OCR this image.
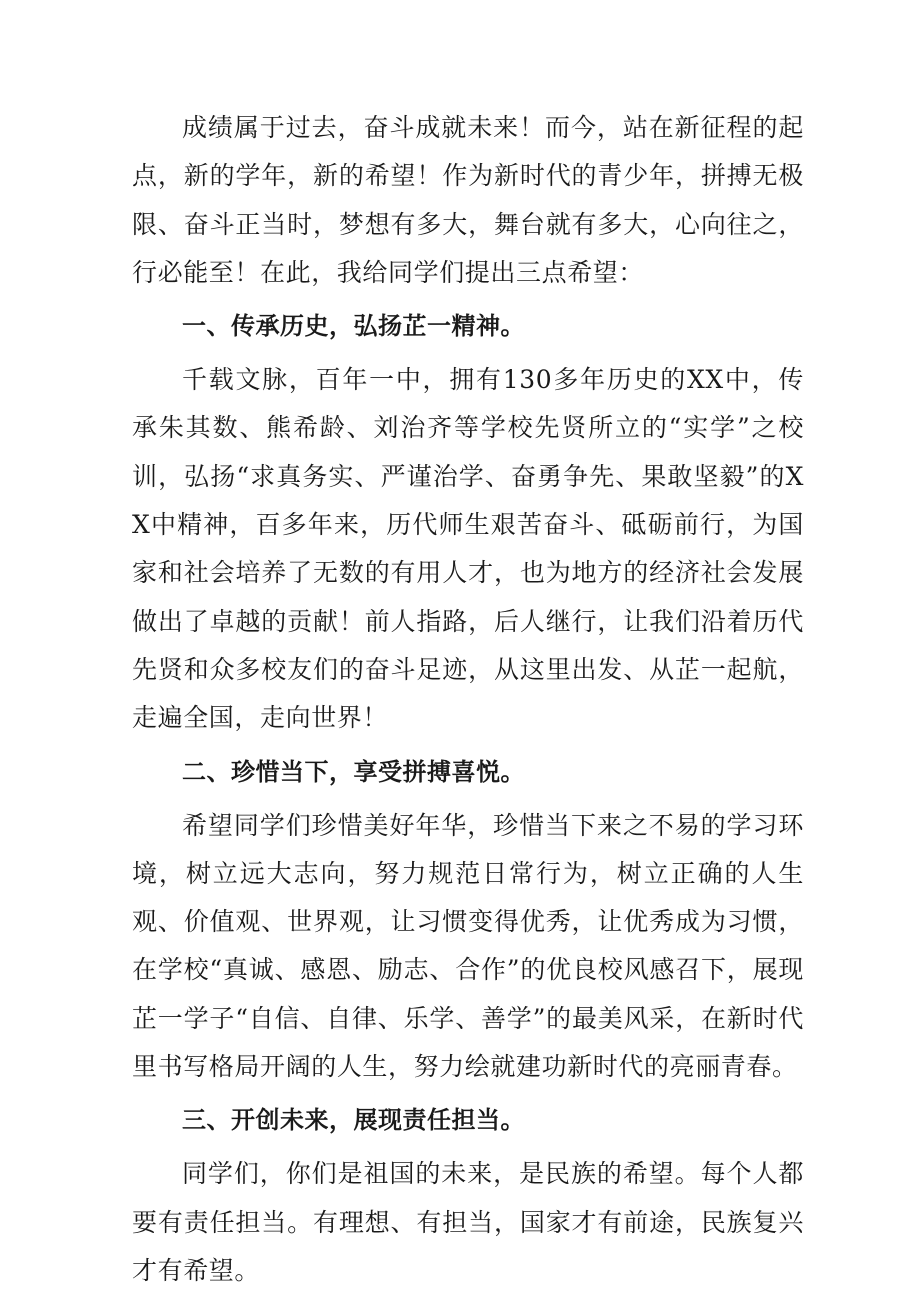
成绩属于过去，奋斗成就未来！而今，站在新征程的起点，新的学年，新的希望！作为新时代的青少年，拼搏无极限、奋斗正当时，梦想有多大，舞台就有多大，心向往之，行必能至！在此，我给同学们提出三点希望：

一、传承历史，弘扬芷一精神。

千载文脉，百年一中，拥有130多年历史的XX中，传承朱其数、熊希龄、刘治齐等学校先贤所立的“实学”之校训，弘扬“求真务实、严谨治学、奋勇争先、果敢坚毅”的XX中精神，百多年来，历代师生艰苦奋斗、砥砺前行，为国家和社会培养了无数的有用人才，也为地方的经济社会发展做出了卓越的贡献！前人指路，后人继行，让我们沿着历代先贤和众多校友们的奋斗足迹，从这里出发、从芷一起航，走遍全国，走向世界！

二、珍惜当下，享受拼搏喜悦。

希望同学们珍惜美好年华，珍惜当下来之不易的学习环境，树立远大志向，努力规范日常行为，树立正确的人生观、价值观、世界观，让习惯变得优秀，让优秀成为习惯，在学校“真诚、感恩、励志、合作”的优良校风感召下，展现芷一学子“自信、自律、乐学、善学”的最美风采，在新时代里书写格局开阔的人生，努力绘就建功新时代的亮丽青春。

三、开创未来，展现责任担当。

同学们，你们是祖国的未来，是民族的希望。每个人都要有责任担当。有理想、有担当，国家才有前途，民族复兴才有希望。
